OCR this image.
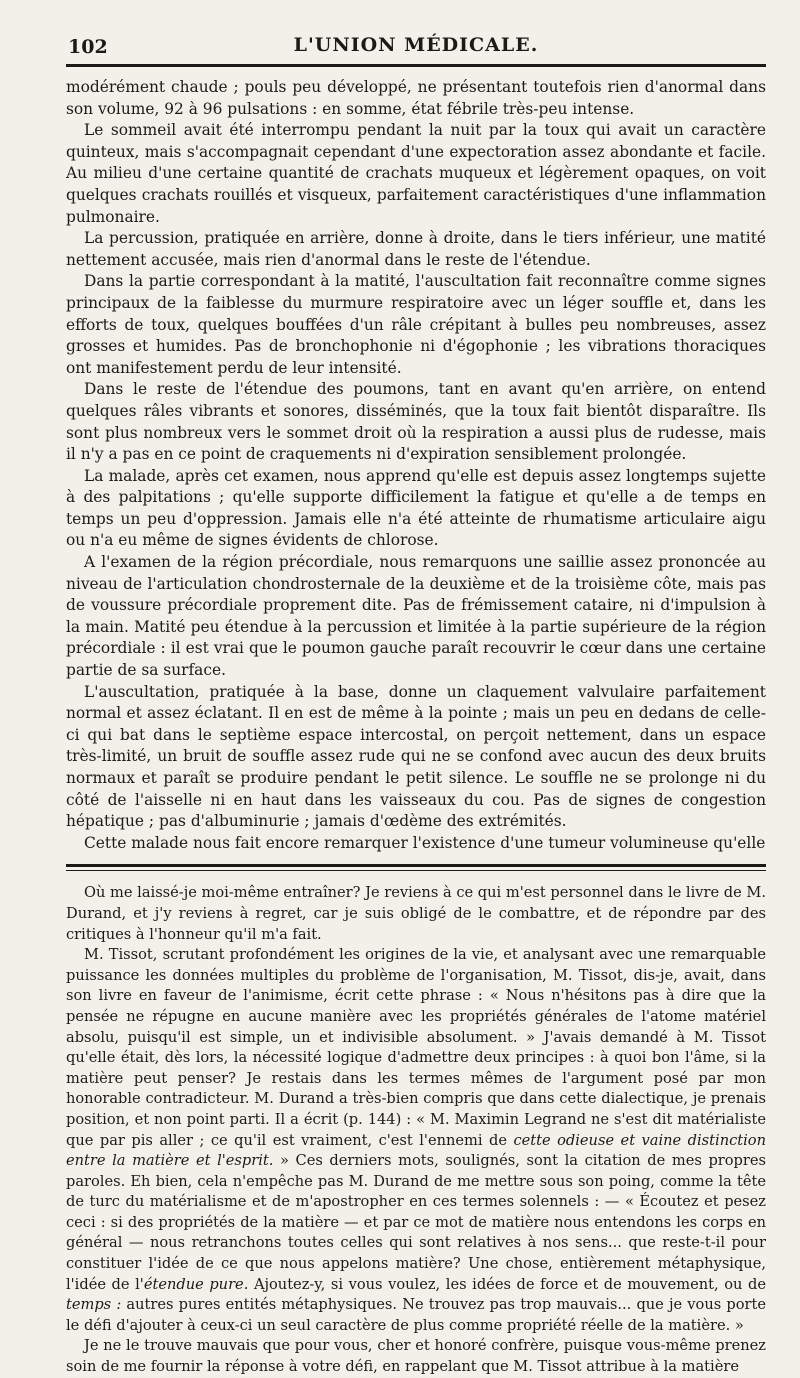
102	L'UNION MÉDICALE.

modérément chaude ; pouls peu développé, ne présentant toutefois rien d'anormal dans son volume, 92 à 96 pulsations : en somme, état fébrile très-peu intense.

Le sommeil avait été interrompu pendant la nuit par la toux qui avait un caractère quinteux, mais s'accompagnait cependant d'une expectoration assez abondante et facile. Au milieu d'une certaine quantité de crachats muqueux et légèrement opaques, on voit quelques crachats rouillés et visqueux, parfaitement caractéristiques d'une inflammation pulmonaire.

La percussion, pratiquée en arrière, donne à droite, dans le tiers inférieur, une matité nettement accusée, mais rien d'anormal dans le reste de l'étendue.

Dans la partie correspondant à la matité, l'auscultation fait reconnaître comme signes principaux de la faiblesse du murmure respiratoire avec un léger souffle et, dans les efforts de toux, quelques bouffées d'un râle crépitant à bulles peu nombreuses, assez grosses et humides. Pas de bronchophonie ni d'égophonie ; les vibrations thoraciques ont manifestement perdu de leur intensité.

Dans le reste de l'étendue des poumons, tant en avant qu'en arrière, on entend quelques râles vibrants et sonores, disséminés, que la toux fait bientôt disparaître. Ils sont plus nombreux vers le sommet droit où la respiration a aussi plus de rudesse, mais il n'y a pas en ce point de craquements ni d'expiration sensiblement prolongée.

La malade, après cet examen, nous apprend qu'elle est depuis assez longtemps sujette à des palpitations ; qu'elle supporte difficilement la fatigue et qu'elle a de temps en temps un peu d'oppression. Jamais elle n'a été atteinte de rhumatisme articulaire aigu ou n'a eu même de signes évidents de chlorose.

A l'examen de la région précordiale, nous remarquons une saillie assez prononcée au niveau de l'articulation chondrosternale de la deuxième et de la troisième côte, mais pas de voussure précordiale proprement dite. Pas de frémissement cataire, ni d'impulsion à la main. Matité peu étendue à la percussion et limitée à la partie supérieure de la région précordiale : il est vrai que le poumon gauche paraît recouvrir le cœur dans une certaine partie de sa surface.

L'auscultation, pratiquée à la base, donne un claquement valvulaire parfaitement normal et assez éclatant. Il en est de même à la pointe ; mais un peu en dedans de celle-ci qui bat dans le septième espace intercostal, on perçoit nettement, dans un espace très-limité, un bruit de souffle assez rude qui ne se confond avec aucun des deux bruits normaux et paraît se produire pendant le petit silence. Le souffle ne se prolonge ni du côté de l'aisselle ni en haut dans les vaisseaux du cou. Pas de signes de congestion hépatique ; pas d'albuminurie ; jamais d'œdème des extrémités.

Cette malade nous fait encore remarquer l'existence d'une tumeur volumineuse qu'elle

Où me laissé-je moi-même entraîner? Je reviens à ce qui m'est personnel dans le livre de M. Durand, et j'y reviens à regret, car je suis obligé de le combattre, et de répondre par des critiques à l'honneur qu'il m'a fait.

M. Tissot, scrutant profondément les origines de la vie, et analysant avec une remarquable puissance les données multiples du problème de l'organisation, M. Tissot, dis-je, avait, dans son livre en faveur de l'animisme, écrit cette phrase : « Nous n'hésitons pas à dire que la pensée ne répugne en aucune manière avec les propriétés générales de l'atome matériel absolu, puisqu'il est simple, un et indivisible absolument. » J'avais demandé à M. Tissot qu'elle était, dès lors, la nécessité logique d'admettre deux principes : à quoi bon l'âme, si la matière peut penser? Je restais dans les termes mêmes de l'argument posé par mon honorable contradicteur. M. Durand a très-bien compris que dans cette dialectique, je prenais position, et non point parti. Il a écrit (p. 144) : « M. Maximin Legrand ne s'est dit matérialiste que par pis aller ; ce qu'il est vraiment, c'est l'ennemi de cette odieuse et vaine distinction entre la matière et l'esprit. » Ces derniers mots, soulignés, sont la citation de mes propres paroles. Eh bien, cela n'empêche pas M. Durand de me mettre sous son poing, comme la tête de turc du matérialisme et de m'apostropher en ces termes solennels : — « Écoutez et pesez ceci : si des propriétés de la matière — et par ce mot de matière nous entendons les corps en général — nous retranchons toutes celles qui sont relatives à nos sens... que reste-t-il pour constituer l'idée de ce que nous appelons matière? Une chose, entièrement métaphysique, l'idée de l'étendue pure. Ajoutez-y, si vous voulez, les idées de force et de mouvement, ou de temps : autres pures entités métaphysiques. Ne trouvez pas trop mauvais... que je vous porte le défi d'ajouter à ceux-ci un seul caractère de plus comme propriété réelle de la matière. »

Je ne le trouve mauvais que pour vous, cher et honoré confrère, puisque vous-même prenez soin de me fournir la réponse à votre défi, en rappelant que M. Tissot attribue à la matière
